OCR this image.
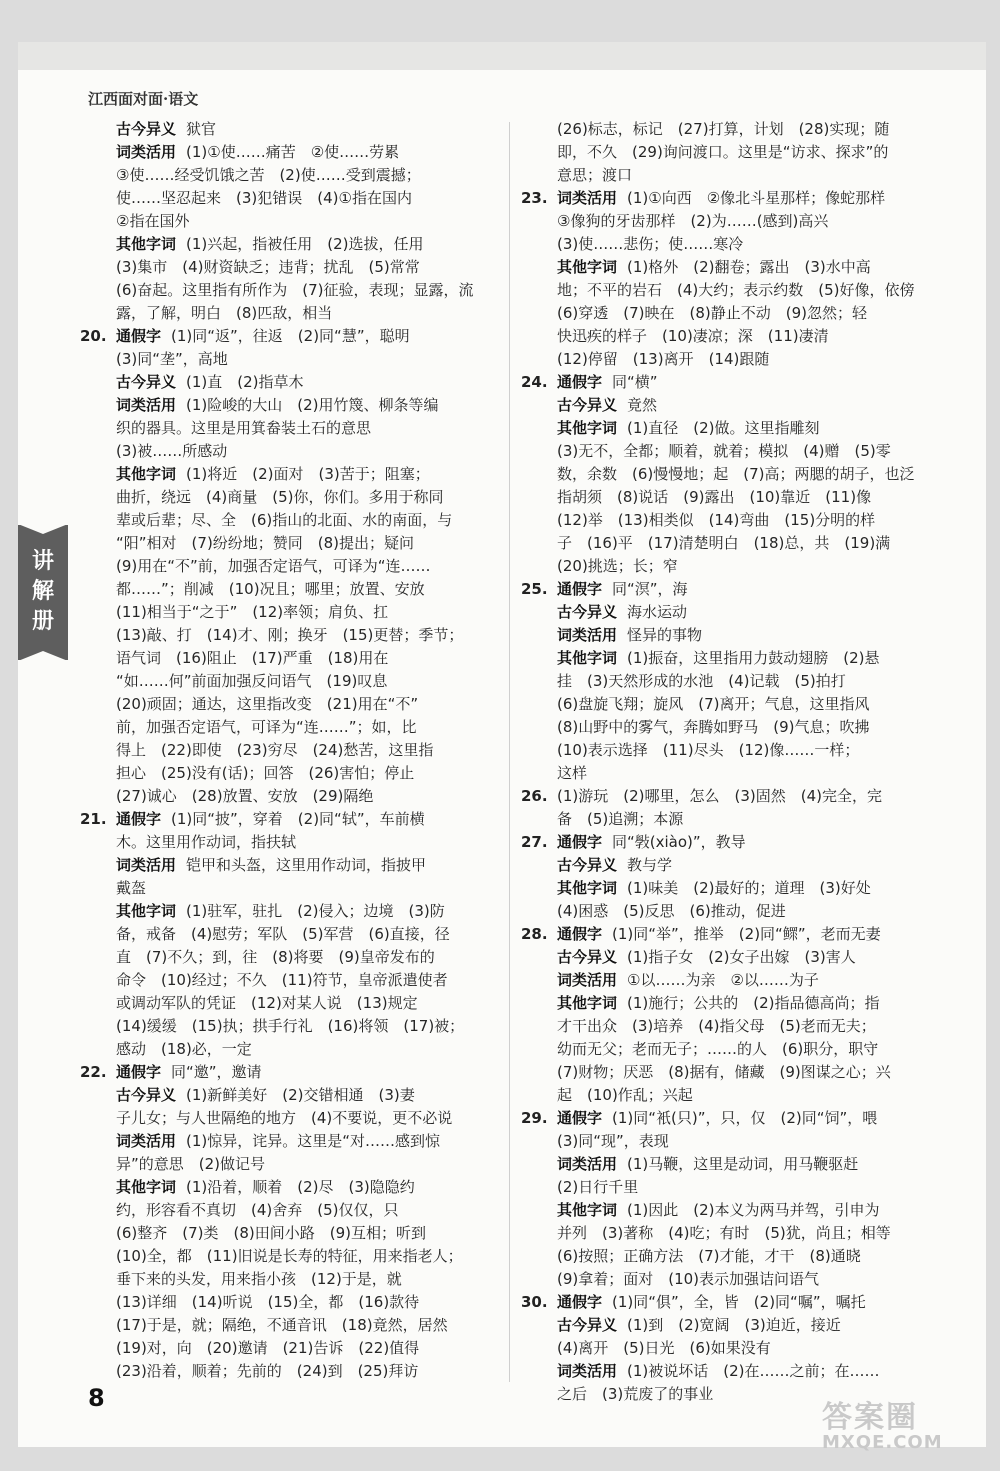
江西面对面·语文
古今异义 狱官
词类活用 (1)①使……痛苦　②使……劳累
③使……经受饥饿之苦　(2)使……受到震撼；
使……坚忍起来　(3)犯错误　(4)①指在国内
②指在国外
其他字词 (1)兴起，指被任用　(2)选拔，任用
(3)集市　(4)财资缺乏；违背；扰乱　(5)常常
(6)奋起。这里指有所作为　(7)征验，表现；显露，流
露，了解，明白　(8)匹敌，相当
20. 通假字 (1)同“返”，往返　(2)同“慧”，聪明
(3)同“垄”，高地
古今异义 (1)直　(2)指草木
词类活用 (1)险峻的大山　(2)用竹篾、柳条等编
织的器具。这里是用箕畚装土石的意思
(3)被……所感动
其他字词 (1)将近　(2)面对　(3)苦于；阻塞；
曲折，绕远　(4)商量　(5)你，你们。多用于称同
辈或后辈；尽、全　(6)指山的北面、水的南面，与
“阳”相对　(7)纷纷地；赞同　(8)提出；疑问
(9)用在“不”前，加强否定语气，可译为“连……
都……”；削减　(10)况且；哪里；放置、安放
(11)相当于“之于”　(12)率领；肩负、扛
(13)敲、打　(14)才、刚；换牙　(15)更替；季节；
语气词　(16)阻止　(17)严重　(18)用在
“如……何”前面加强反问语气　(19)叹息
(20)顽固；通达，这里指改变　(21)用在“不”
前，加强否定语气，可译为“连……”；如，比
得上　(22)即使　(23)穷尽　(24)愁苦，这里指
担心　(25)没有(话)；回答　(26)害怕；停止
(27)诚心　(28)放置、安放　(29)隔绝
21. 通假字 (1)同“披”，穿着　(2)同“轼”，车前横
木。这里用作动词，指扶轼
词类活用 铠甲和头盔，这里用作动词，指披甲
戴盔
其他字词 (1)驻军，驻扎　(2)侵入；边境　(3)防
备，戒备　(4)慰劳；军队　(5)军营　(6)直接，径
直　(7)不久；到，往　(8)将要　(9)皇帝发布的
命令　(10)经过；不久　(11)符节，皇帝派遣使者
或调动军队的凭证　(12)对某人说　(13)规定
(14)缓缓　(15)执；拱手行礼　(16)将领　(17)被；
感动　(18)必，一定
22. 通假字 同“邀”，邀请
古今异义 (1)新鲜美好　(2)交错相通　(3)妻
子儿女；与人世隔绝的地方　(4)不要说，更不必说
词类活用 (1)惊异，诧异。这里是“对……感到惊
异”的意思　(2)做记号
其他字词 (1)沿着，顺着　(2)尽　(3)隐隐约
约，形容看不真切　(4)舍弃　(5)仅仅，只
(6)整齐　(7)类　(8)田间小路　(9)互相；听到
(10)全，都　(11)旧说是长寿的特征，用来指老人；
垂下来的头发，用来指小孩　(12)于是，就
(13)详细　(14)听说　(15)全，都　(16)款待
(17)于是，就；隔绝，不通音讯　(18)竟然，居然
(19)对，向　(20)邀请　(21)告诉　(22)值得
(23)沿着，顺着；先前的　(24)到　(25)拜访
(26)标志，标记　(27)打算，计划　(28)实现；随
即，不久　(29)询问渡口。这里是“访求、探求”的
意思；渡口
23. 词类活用 (1)①向西　②像北斗星那样；像蛇那样
③像狗的牙齿那样　(2)为……(感到)高兴
(3)使……悲伤；使……寒冷
其他字词 (1)格外　(2)翻卷；露出　(3)水中高
地；不平的岩石　(4)大约；表示约数　(5)好像，依傍
(6)穿透　(7)映在　(8)静止不动　(9)忽然；轻
快迅疾的样子　(10)凄凉；深　(11)凄清
(12)停留　(13)离开　(14)跟随
24. 通假字 同“横”
古今异义 竟然
其他字词 (1)直径　(2)做。这里指雕刻
(3)无不，全都；顺着，就着；模拟　(4)赠　(5)零
数，余数　(6)慢慢地；起　(7)高；两腮的胡子，也泛
指胡须　(8)说话　(9)露出　(10)靠近　(11)像
(12)举　(13)相类似　(14)弯曲　(15)分明的样
子　(16)平　(17)清楚明白　(18)总，共　(19)满
(20)挑选；长；窄
25. 通假字 同“溟”，海
古今异义 海水运动
词类活用 怪异的事物
其他字词 (1)振奋，这里指用力鼓动翅膀　(2)悬
挂　(3)天然形成的水池　(4)记载　(5)拍打
(6)盘旋飞翔；旋风　(7)离开；气息，这里指风
(8)山野中的雾气，奔腾如野马　(9)气息；吹拂
(10)表示选择　(11)尽头　(12)像……一样；
这样
26. (1)游玩　(2)哪里，怎么　(3)固然　(4)完全，完
备　(5)追溯；本源
27. 通假字 同“斅(xiào)”，教导
古今异义 教与学
其他字词 (1)味美　(2)最好的；道理　(3)好处
(4)困惑　(5)反思　(6)推动，促进
28. 通假字 (1)同“举”，推举　(2)同“鳏”，老而无妻
古今异义 (1)指子女　(2)女子出嫁　(3)害人
词类活用 ①以……为亲　②以……为子
其他字词 (1)施行；公共的　(2)指品德高尚；指
才干出众　(3)培养　(4)指父母　(5)老而无夫；
幼而无父；老而无子；……的人　(6)职分，职守
(7)财物；厌恶　(8)据有，储藏　(9)图谋之心；兴
起　(10)作乱；兴起
29. 通假字 (1)同“衹(只)”，只，仅　(2)同“饲”，喂
(3)同“现”，表现
词类活用 (1)马鞭，这里是动词，用马鞭驱赶
(2)日行千里
其他字词 (1)因此　(2)本义为两马并驾，引申为
并列　(3)著称　(4)吃；有时　(5)犹，尚且；相等
(6)按照；正确方法　(7)才能，才干　(8)通晓
(9)拿着；面对　(10)表示加强诘问语气
30. 通假字 (1)同“俱”，全，皆　(2)同“嘱”，嘱托
古今异义 (1)到　(2)宽阔　(3)迫近，接近
(4)离开　(5)日光　(6)如果没有
词类活用 (1)被说坏话　(2)在……之前；在……
之后　(3)荒废了的事业
讲
解
册
8
答案圈
MXQE.COM
